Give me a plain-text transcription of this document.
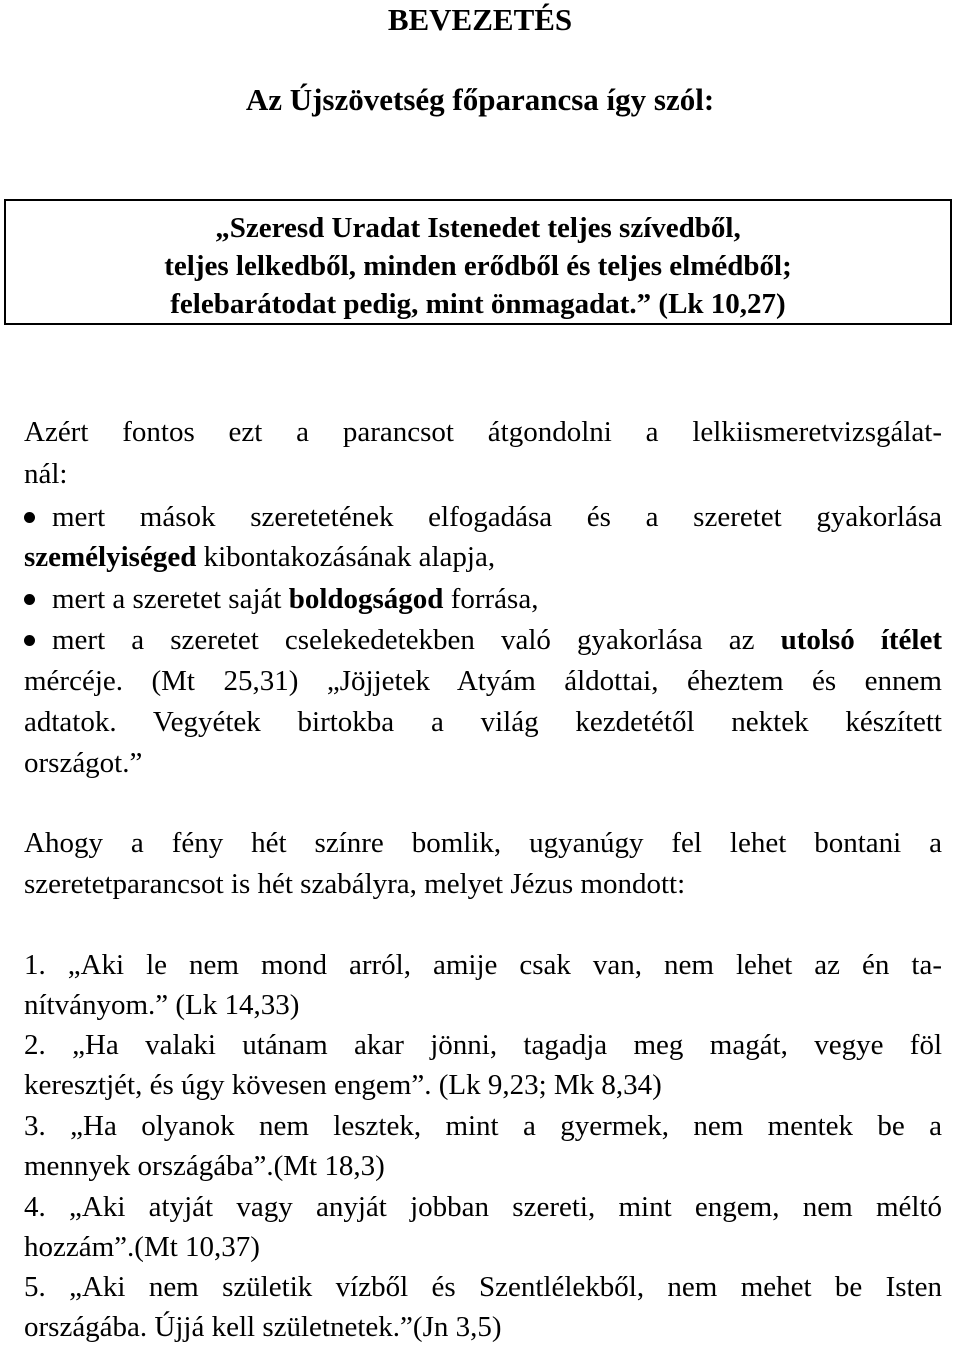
BEVEZETÉS
Az Újszövetség főparancsa így szól:
„Szeresd Uradat Istenedet teljes szívedből,
teljes lelkedből, minden erődből és teljes elmédből;
felebarátodat pedig, mint önmagadat.” (Lk 10,27)
Azért fontos ezt a parancsot átgondolni a lelkiismeretvizsgálat-
nál:
mert mások szeretetének elfogadása és a szeretet gyakorlása
személyiséged kibontakozásának alapja,
mert a szeretet saját boldogságod forrása,
mert a szeretet cselekedetekben való gyakorlása az utolsó ítélet
mércéje. (Mt 25,31) „Jöjjetek Atyám áldottai, éheztem és ennem
adtatok. Vegyétek birtokba a világ kezdetétől nektek készített
országot.”
Ahogy a fény hét színre bomlik, ugyanúgy fel lehet bontani a
szeretetparancsot is hét szabályra, melyet Jézus mondott:
1. „Aki le nem mond arról, amije csak van, nem lehet az én ta-
nítványom.” (Lk 14,33)
2. „Ha valaki utánam akar jönni, tagadja meg magát, vegye föl
keresztjét, és úgy kövesen engem”. (Lk 9,23; Mk 8,34)
3. „Ha olyanok nem lesztek, mint a gyermek, nem mentek be a
mennyek országába”.(Mt 18,3)
4. „Aki atyját vagy anyját jobban szereti, mint engem, nem méltó
hozzám”.(Mt 10,37)
5. „Aki nem születik vízből és Szentlélekből, nem mehet be Isten
országába. Újjá kell születnetek.”(Jn 3,5)
